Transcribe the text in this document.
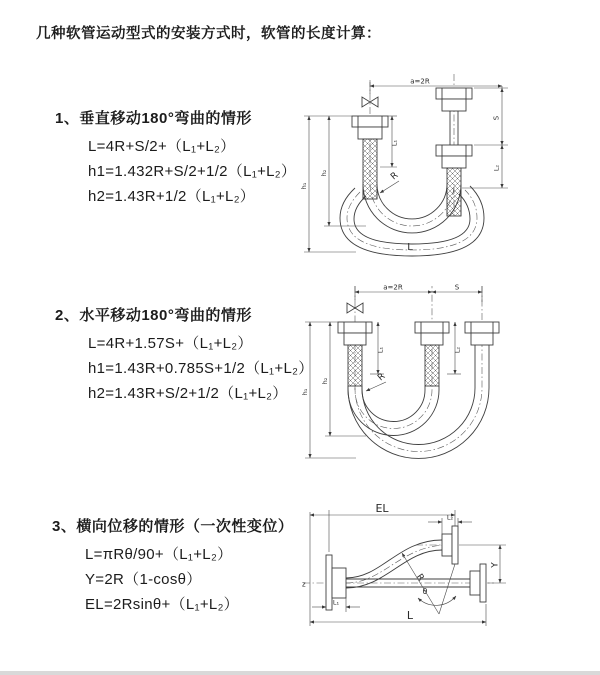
几种软管运动型式的安装方式时，软管的长度计算：
1、垂直移动180°弯曲的情形
L=4R+S/2+（L₁+L₂）
h1=1.432R+S/2+1/2（L₁+L₂）
h2=1.43R+1/2（L₁+L₂）
2、水平移动180°弯曲的情形
L=4R+1.57S+（L₁+L₂）
h1=1.43R+0.785S+1/2（L₁+L₂）
h2=1.43R+S/2+1/2（L₁+L₂）
3、横向位移的情形（一次性变位）
L=πRθ/90+（L₁+L₂）
Y=2R（1-cosθ）
EL=2Rsinθ+（L₁+L₂）
a=2R
S
L₂
L₁
h₁
h₂	R
L
a=2R	S
L₁	L₂
h₁
h₂	R
z
EL
L₂
Y
R
θ
L
L₁
